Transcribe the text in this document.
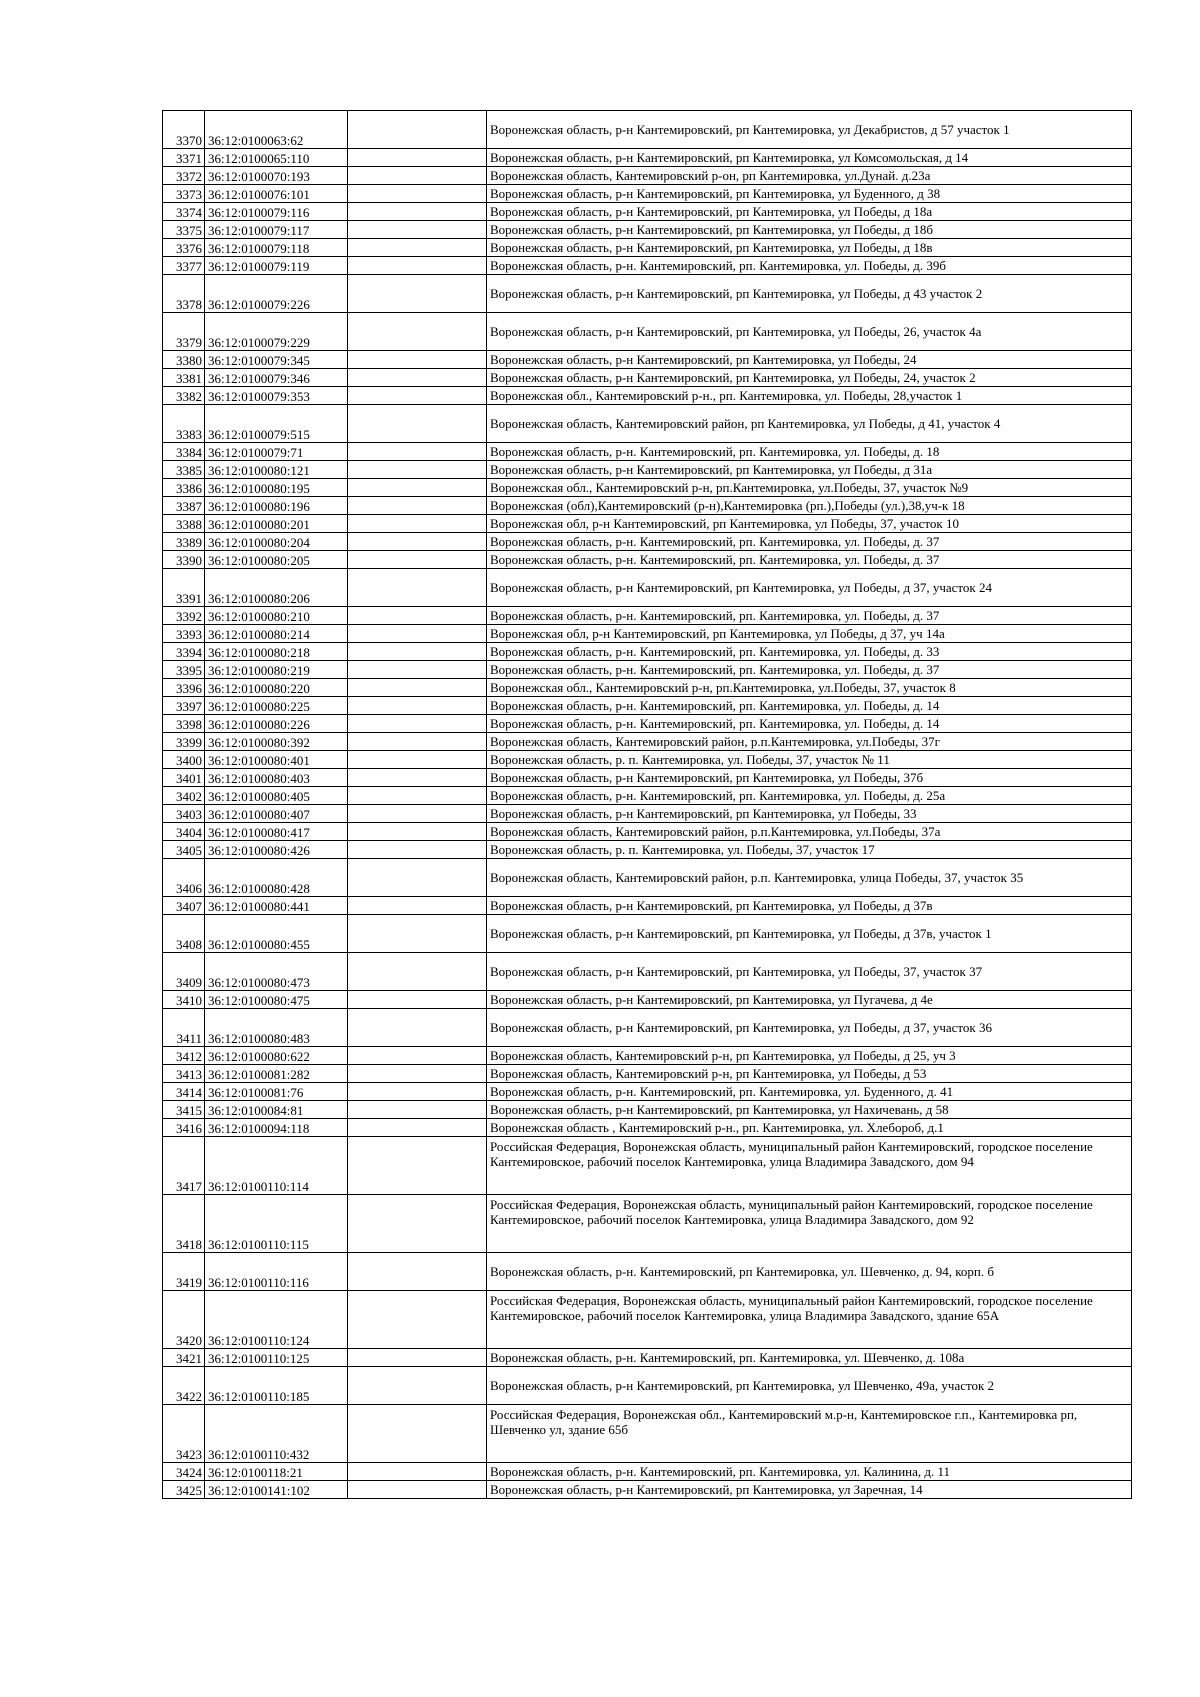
3370	36:12:0100063:62		Воронежская область, р-н Кантемировский, рп Кантемировка, ул Декабристов, д 57 участок 1
3371	36:12:0100065:110		Воронежская область, р-н Кантемировский, рп Кантемировка, ул Комсомольская, д 14
3372	36:12:0100070:193		Воронежская область, Кантемировский р-он, рп Кантемировка, ул.Дунай. д.23а
3373	36:12:0100076:101		Воронежская область, р-н Кантемировский, рп Кантемировка, ул Буденного, д 38
3374	36:12:0100079:116		Воронежская область, р-н Кантемировский, рп Кантемировка, ул Победы, д 18а
3375	36:12:0100079:117		Воронежская область, р-н Кантемировский, рп Кантемировка, ул Победы, д 18б
3376	36:12:0100079:118		Воронежская область, р-н Кантемировский, рп Кантемировка, ул Победы, д 18в
3377	36:12:0100079:119		Воронежская область, р-н. Кантемировский, рп. Кантемировка, ул. Победы, д. 39б
3378	36:12:0100079:226		Воронежская область, р-н Кантемировский, рп Кантемировка, ул Победы, д 43 участок 2
3379	36:12:0100079:229		Воронежская область, р-н Кантемировский, рп Кантемировка, ул Победы, 26, участок 4а
3380	36:12:0100079:345		Воронежская область, р-н Кантемировский, рп Кантемировка, ул Победы, 24
3381	36:12:0100079:346		Воронежская область, р-н Кантемировский, рп Кантемировка, ул Победы, 24, участок 2
3382	36:12:0100079:353		Воронежская обл., Кантемировский р-н., рп. Кантемировка, ул. Победы, 28,участок 1
3383	36:12:0100079:515		Воронежская область, Кантемировский район, рп Кантемировка, ул Победы, д 41, участок 4
3384	36:12:0100079:71		Воронежская область, р-н. Кантемировский, рп. Кантемировка, ул. Победы, д. 18
3385	36:12:0100080:121		Воронежская область, р-н Кантемировский, рп Кантемировка, ул Победы, д 31а
3386	36:12:0100080:195		Воронежская обл., Кантемировский р-н, рп.Кантемировка, ул.Победы, 37, участок №9
3387	36:12:0100080:196		Воронежская (обл),Кантемировский (р-н),Кантемировка (рп.),Победы (ул.),38,уч-к 18
3388	36:12:0100080:201		Воронежская обл, р-н Кантемировский, рп Кантемировка, ул Победы, 37, участок 10
3389	36:12:0100080:204		Воронежская область, р-н. Кантемировский, рп. Кантемировка, ул. Победы, д. 37
3390	36:12:0100080:205		Воронежская область, р-н. Кантемировский, рп. Кантемировка, ул. Победы, д. 37
3391	36:12:0100080:206		Воронежская область, р-н Кантемировский, рп Кантемировка, ул Победы, д 37, участок 24
3392	36:12:0100080:210		Воронежская область, р-н. Кантемировский, рп. Кантемировка, ул. Победы, д. 37
3393	36:12:0100080:214		Воронежская обл, р-н Кантемировский, рп Кантемировка, ул Победы, д 37, уч 14а
3394	36:12:0100080:218		Воронежская область, р-н. Кантемировский, рп. Кантемировка, ул. Победы, д. 33
3395	36:12:0100080:219		Воронежская область, р-н. Кантемировский, рп. Кантемировка, ул. Победы, д. 37
3396	36:12:0100080:220		Воронежская обл., Кантемировский р-н, рп.Кантемировка, ул.Победы, 37, участок 8
3397	36:12:0100080:225		Воронежская область, р-н. Кантемировский, рп. Кантемировка, ул. Победы, д. 14
3398	36:12:0100080:226		Воронежская область, р-н. Кантемировский, рп. Кантемировка, ул. Победы, д. 14
3399	36:12:0100080:392		Воронежская область, Кантемировский район, р.п.Кантемировка, ул.Победы, 37г
3400	36:12:0100080:401		Воронежская область, р. п. Кантемировка, ул. Победы, 37, участок № 11
3401	36:12:0100080:403		Воронежская область, р-н Кантемировский, рп Кантемировка, ул Победы, 37б
3402	36:12:0100080:405		Воронежская область, р-н. Кантемировский, рп. Кантемировка, ул. Победы, д. 25а
3403	36:12:0100080:407		Воронежская область, р-н Кантемировский, рп Кантемировка, ул Победы, 33
3404	36:12:0100080:417		Воронежская область, Кантемировский район, р.п.Кантемировка, ул.Победы, 37а
3405	36:12:0100080:426		Воронежская область, р. п. Кантемировка, ул. Победы, 37, участок 17
3406	36:12:0100080:428		Воронежская область, Кантемировский район, р.п. Кантемировка, улица Победы, 37, участок 35
3407	36:12:0100080:441		Воронежская область, р-н Кантемировский, рп Кантемировка, ул Победы, д 37в
3408	36:12:0100080:455		Воронежская область, р-н Кантемировский, рп Кантемировка, ул Победы, д 37в, участок 1
3409	36:12:0100080:473		Воронежская область, р-н Кантемировский, рп Кантемировка, ул Победы, 37, участок 37
3410	36:12:0100080:475		Воронежская область, р-н Кантемировский, рп Кантемировка, ул Пугачева, д 4е
3411	36:12:0100080:483		Воронежская область, р-н Кантемировский, рп Кантемировка, ул Победы, д 37, участок 36
3412	36:12:0100080:622		Воронежская область, Кантемировский р-н, рп Кантемировка, ул Победы, д 25, уч 3
3413	36:12:0100081:282		Воронежская область, Кантемировский р-н, рп Кантемировка, ул Победы, д 53
3414	36:12:0100081:76		Воронежская область, р-н. Кантемировский, рп. Кантемировка, ул. Буденного, д. 41
3415	36:12:0100084:81		Воронежская область, р-н Кантемировский, рп Кантемировка, ул Нахичевань, д 58
3416	36:12:0100094:118		Воронежская область , Кантемировский р-н., рп. Кантемировка, ул. Хлебороб, д.1
3417	36:12:0100110:114		Российская Федерация, Воронежская область, муниципальный район Кантемировский, городское поселение Кантемировское, рабочий поселок Кантемировка, улица Владимира Завадского, дом 94
3418	36:12:0100110:115		Российская Федерация, Воронежская область, муниципальный район Кантемировский, городское поселение Кантемировское, рабочий поселок Кантемировка, улица Владимира Завадского, дом 92
3419	36:12:0100110:116		Воронежская область, р-н. Кантемировский, рп Кантемировка, ул. Шевченко, д. 94, корп. б
3420	36:12:0100110:124		Российская Федерация, Воронежская область, муниципальный район Кантемировский, городское поселение Кантемировское, рабочий поселок Кантемировка, улица Владимира Завадского, здание 65А
3421	36:12:0100110:125		Воронежская область, р-н. Кантемировский, рп. Кантемировка, ул. Шевченко, д. 108а
3422	36:12:0100110:185		Воронежская область, р-н Кантемировский, рп Кантемировка, ул Шевченко, 49а, участок 2
3423	36:12:0100110:432		Российская Федерация, Воронежская обл., Кантемировский м.р-н, Кантемировское г.п., Кантемировка рп, Шевченко ул, здание 65б
3424	36:12:0100118:21		Воронежская область, р-н. Кантемировский, рп. Кантемировка, ул. Калинина, д. 11
3425	36:12:0100141:102		Воронежская область, р-н Кантемировский, рп Кантемировка, ул Заречная, 14
